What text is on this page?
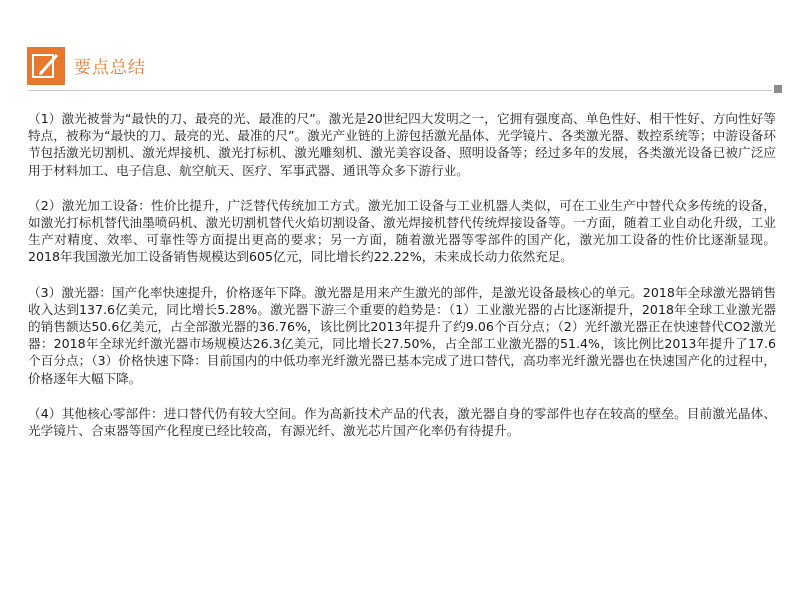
要点总结

（1）激光被誉为“最快的刀、最亮的光、最准的尺”。激光是20世纪四大发明之一，它拥有强度高、单色性好、相干性好、方向性好等特点，被称为“最快的刀、最亮的光、最准的尺”。激光产业链的上游包括激光晶体、光学镜片、各类激光器、数控系统等；中游设备环节包括激光切割机、激光焊接机、激光打标机、激光雕刻机、激光美容设备、照明设备等；经过多年的发展，各类激光设备已被广泛应用于材料加工、电子信息、航空航天、医疗、军事武器、通讯等众多下游行业。

（2）激光加工设备：性价比提升，广泛替代传统加工方式。激光加工设备与工业机器人类似，可在工业生产中替代众多传统的设备，如激光打标机替代油墨喷码机、激光切割机替代火焰切割设备、激光焊接机替代传统焊接设备等。一方面，随着工业自动化升级，工业生产对精度、效率、可靠性等方面提出更高的要求；另一方面，随着激光器等零部件的国产化，激光加工设备的性价比逐渐显现。2018年我国激光加工设备销售规模达到605亿元，同比增长约22.22%，未来成长动力依然充足。

（3）激光器：国产化率快速提升，价格逐年下降。激光器是用来产生激光的部件，是激光设备最核心的单元。2018年全球激光器销售收入达到137.6亿美元，同比增长5.28%。激光器下游三个重要的趋势是：（1）工业激光器的占比逐渐提升，2018年全球工业激光器的销售额达50.6亿美元，占全部激光器的36.76%，该比例比2013年提升了约9.06个百分点；（2）光纤激光器正在快速替代CO2激光器：2018年全球光纤激光器市场规模达26.3亿美元，同比增长27.50%，占全部工业激光器的51.4%，该比例比2013年提升了17.6个百分点；（3）价格快速下降：目前国内的中低功率光纤激光器已基本完成了进口替代，高功率光纤激光器也在快速国产化的过程中，价格逐年大幅下降。

（4）其他核心零部件：进口替代仍有较大空间。作为高新技术产品的代表，激光器自身的零部件也存在较高的壁垒。目前激光晶体、光学镜片、合束器等国产化程度已经比较高，有源光纤、激光芯片国产化率仍有待提升。
